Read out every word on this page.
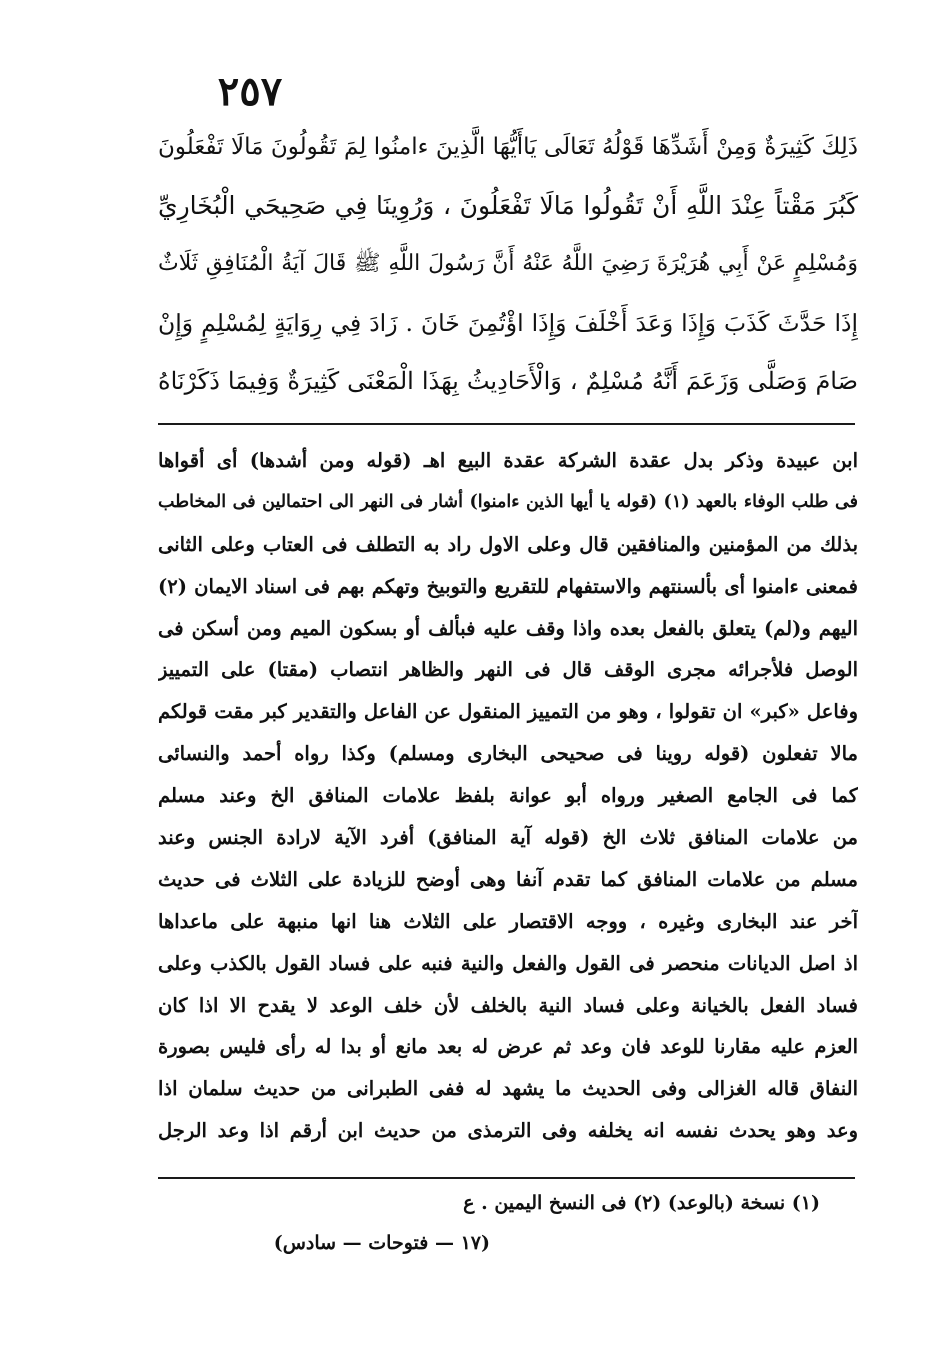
٢٥٧
ذَلِكَ كَثِيرَةٌ وَمِنْ أَشَدِّهَا قَوْلُهُ تَعَالَى يَاأَيُّهَا الَّذِينَ ءامنُوا لِمَ تَقُولُونَ مَالَا تَفْعَلُونَ
كَبُرَ مَقْتاً عِنْدَ اللَّهِ أَنْ تَقُولُوا مَالَا تَفْعَلُونَ ، وَرُوِينَا فِي صَحِيحَي الْبُخَارِيِّ
وَمُسْلِمٍ عَنْ أَبِي هُرَيْرَةَ رَضِيَ اللَّهُ عَنْهُ أَنَّ رَسُولَ اللَّهِ ﷺ قَالَ آيَةُ الْمُنَافِقِ ثَلَاثٌ
إِذَا حَدَّثَ كَذَبَ وَإِذَا وَعَدَ أَخْلَفَ وَإِذَا اؤْتُمِنَ خَانَ . زَادَ فِي رِوَايَةٍ لِمُسْلِمٍ وَإِنْ
صَامَ وَصَلَّى وَزَعَمَ أَنَّهُ مُسْلِمٌ ، وَالْأَحَادِيثُ بِهَذَا الْمَعْنَى كَثِيرَةٌ وَفِيمَا ذَكَرْنَاهُ
ابن عبيدة وذكر بدل عقدة الشركة عقدة البيع اهـ (قوله ومن أشدها) أى أقواها
فى طلب الوفاء بالعهد (١) (قوله يا أيها الذين ءامنوا) أشار فى النهر الى احتمالين فى المخاطب
بذلك من المؤمنين والمنافقين قال وعلى الاول راد به التطلف فى العتاب وعلى الثانى
فمعنى ءامنوا أى بألسنتهم والاستفهام للتقريع والتوبيخ وتهكم بهم فى اسناد الايمان (٢)
اليهم و(لم) يتعلق بالفعل بعده واذا وقف عليه فبألف أو بسكون الميم ومن أسكن فى
الوصل فلأجرائه مجرى الوقف قال فى النهر والظاهر انتصاب (مقتا) على التمييز
وفاعل «كبر» ان تقولوا ، وهو من التمييز المنقول عن الفاعل والتقدير كبر مقت قولكم
مالا تفعلون (قوله روينا فى صحيحى البخارى ومسلم) وكذا رواه أحمد والنسائى
كما فى الجامع الصغير ورواه أبو عوانة بلفظ علامات المنافق الخ وعند مسلم
من علامات المنافق ثلاث الخ (قوله آية المنافق) أفرد الآية لارادة الجنس وعند
مسلم من علامات المنافق كما تقدم آنفا وهى أوضح للزيادة على الثلاث فى حديث
آخر عند البخارى وغيره ، ووجه الاقتصار على الثلاث هنا انها منبهة على ماعداها
اذ اصل الديانات منحصر فى القول والفعل والنية فنبه على فساد القول بالكذب وعلى
فساد الفعل بالخيانة وعلى فساد النية بالخلف لأن خلف الوعد لا يقدح الا اذا كان
العزم عليه مقارنا للوعد فان وعد ثم عرض له بعد مانع أو بدا له رأى فليس بصورة
النفاق قاله الغزالى وفى الحديث ما يشهد له ففى الطبرانى من حديث سلمان اذا
وعد وهو يحدث نفسه انه يخلفه وفى الترمذى من حديث ابن أرقم اذا وعد الرجل
(١) نسخة (بالوعد) (٢) فى النسخ اليمين . ع
(١٧ — فتوحات — سادس)
